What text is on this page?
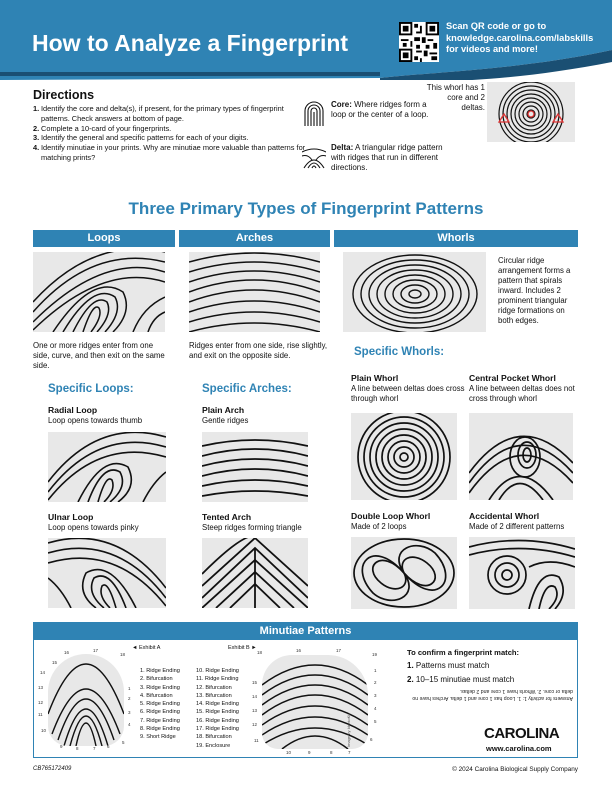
How to Analyze a Fingerprint
Scan QR code or go to knowledge.carolina.com/labskills for videos and more!
Directions
1. Identify the core and delta(s), if present, for the primary types of fingerprint patterns. Check answers at bottom of page.
2. Complete a 10-card of your fingerprints.
3. Identify the general and specific patterns for each of your digits.
4. Identify minutiae in your prints. Why are minutiae more valuable than patterns for matching prints?
Core: Where ridges form a loop or the center of a loop.
Delta: A triangular ridge pattern with ridges that run in different directions.
This whorl has 1 core and 2 deltas.
Three Primary Types of Fingerprint Patterns
Loops	Arches	Whorls
One or more ridges enter from one side, curve, and then exit on the same side.
Specific Loops:
Radial Loop
Loop opens towards thumb
Ulnar Loop
Loop opens towards pinky
Ridges enter from one side, rise slightly, and exit on the opposite side.
Specific Arches:
Plain Arch
Gentle ridges
Tented Arch
Steep ridges forming triangle
Circular ridge arrangement forms a pattern that spirals inward. Includes 2 prominent triangular ridge formations on both edges.
Specific Whorls:
Plain Whorl
A line between deltas does cross through whorl
Central Pocket Whorl
A line between deltas does not cross through whorl
Double Loop Whorl
Made of 2 loops
Accidental Whorl
Made of 2 different patterns
Minutiae Patterns
16	17
18
1
2
3
4
5
6
7
8
9
10
11
12
13
14
15
◄ Exhibit A
1. Ridge Ending
2. Bifurcation
3. Ridge Ending
4. Bifurcation
5. Ridge Ending
6. Ridge Ending
7. Ridge Ending
8. Ridge Ending
9. Short Ridge
10. Ridge Ending
11. Ridge Ending
12. Bifurcation
13. Bifurcation
14. Ridge Ending
15. Ridge Ending
16. Ridge Ending
17. Ridge Ending
18. Bifurcation
19. Enclosure
Exhibit B ►
18	19
1
2
3
4
5
6
7
8
9
10
11
12
13
14
15
16	17
Image by IdentoKit
To confirm a fingerprint match:
1. Patterns must match
2. 10–15 minutiae must match
Answers for activity 1: 1. Loop has 1 core and 1 delta. Arches have no delta or core. 2. Whorls have 1 core and 2 deltas.
CAROLINA
www.carolina.com
CB765172409	© 2024 Carolina Biological Supply Company
